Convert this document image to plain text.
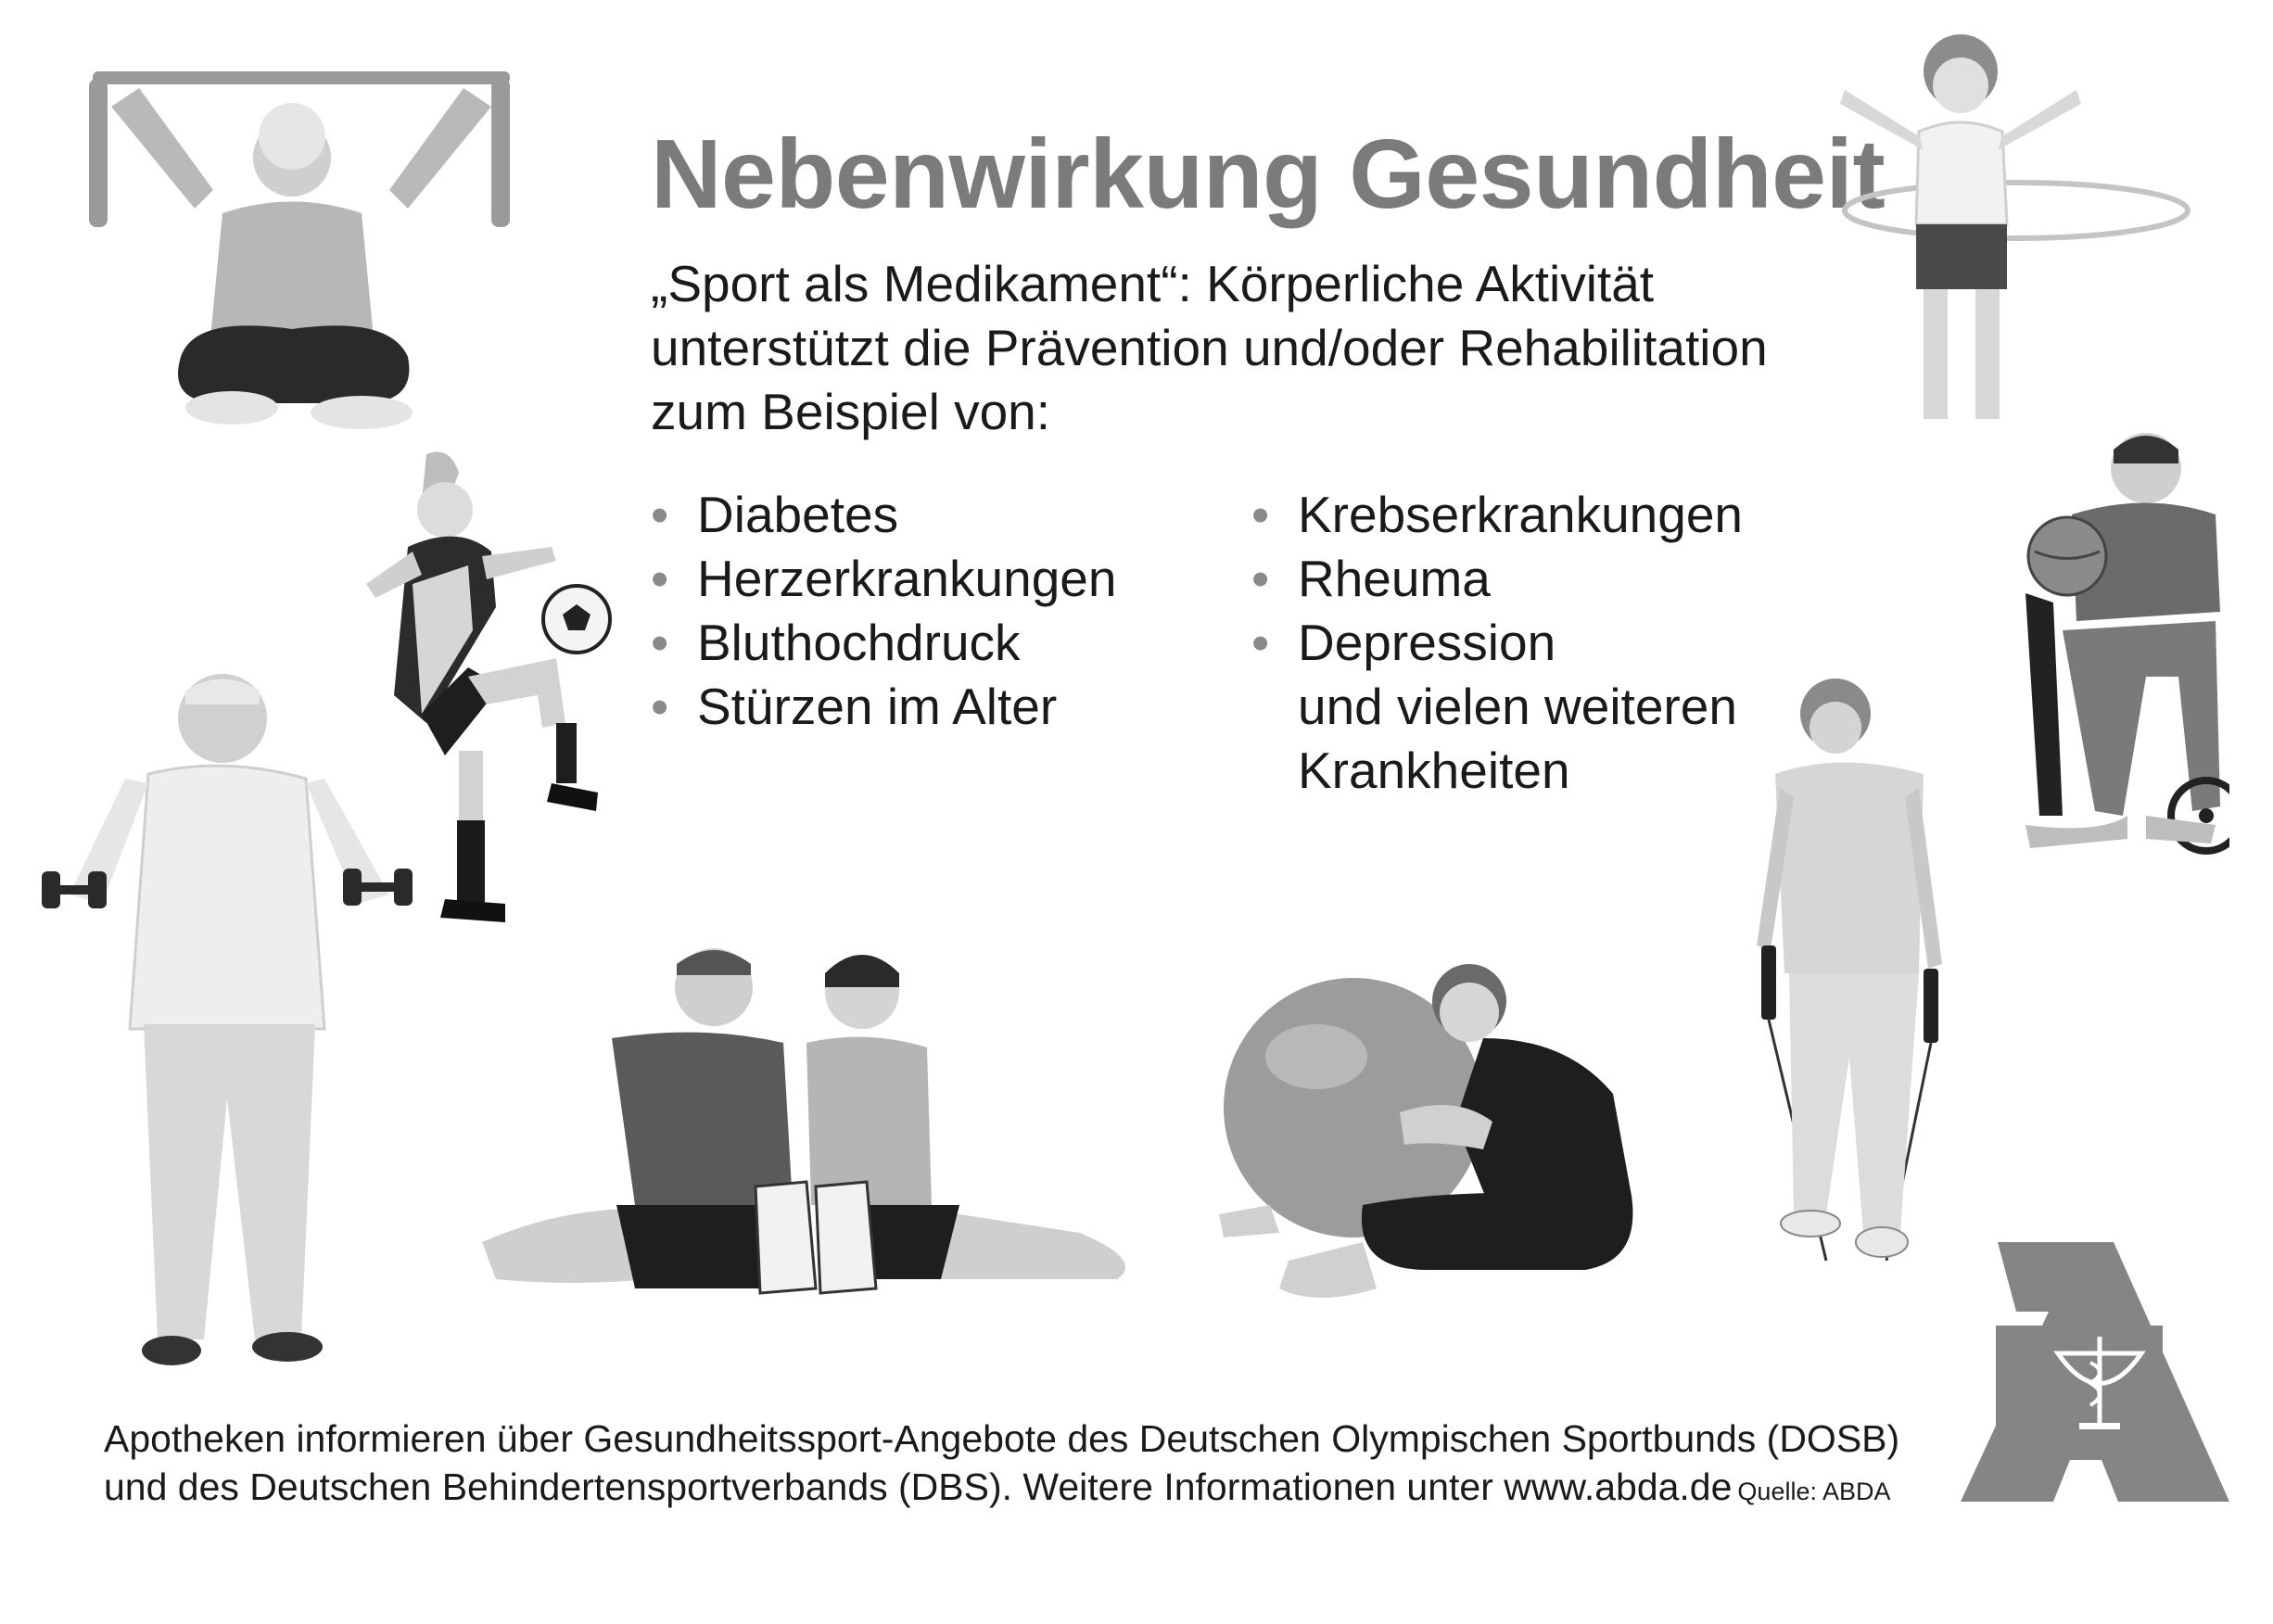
Nebenwirkung Gesundheit
„Sport als Medikament“: Körperliche Aktivität
unterstützt die Prävention und/oder Rehabilitation
zum Beispiel von:
• Diabetes
• Herzerkrankungen
• Bluthochdruck
• Stürzen im Alter
• Krebserkrankungen
• Rheuma
• Depression
und vielen weiteren
Krankheiten
Apotheken informieren über Gesundheitssport-Angebote des Deutschen Olympischen Sportbunds (DOSB)
und des Deutschen Behindertensportverbands (DBS). Weitere Informationen unter www.abda.de Quelle: ABDA
